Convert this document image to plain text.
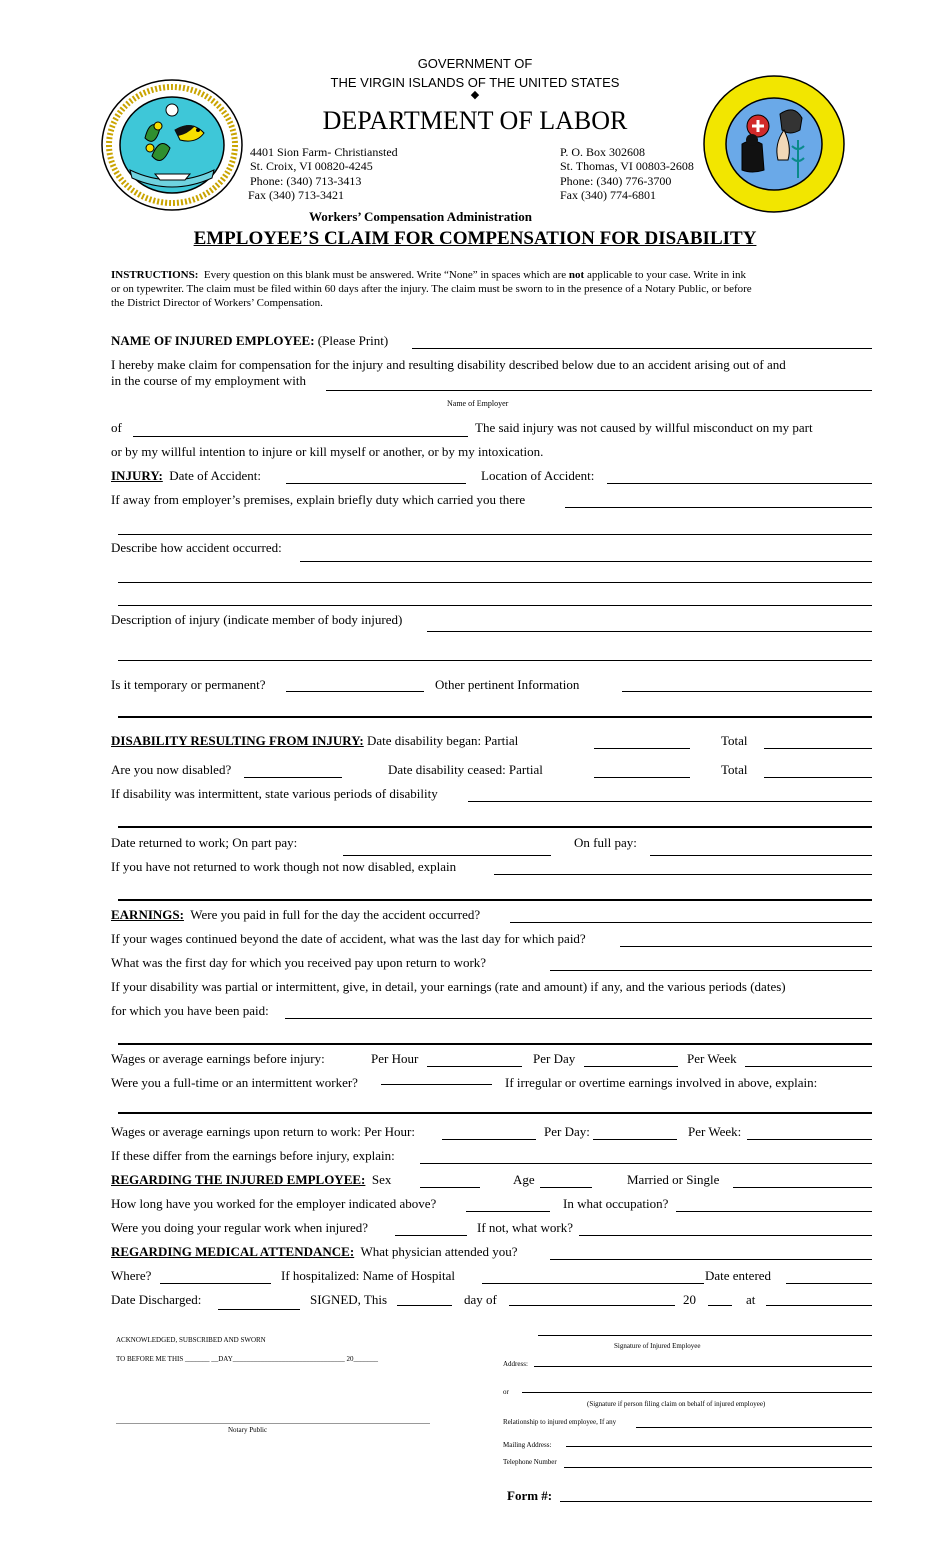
GOVERNMENT OF
THE VIRGIN ISLANDS OF THE UNITED STATES
◆
DEPARTMENT OF LABOR
4401 Sion Farm- Christiansted
St. Croix, VI 00820-4245
Phone: (340) 713-3413
Fax (340) 713-3421
P. O. Box 302608
St. Thomas, VI 00803-2608
Phone: (340) 776-3700
Fax (340) 774-6801
Workers’ Compensation Administration
EMPLOYEE’S CLAIM FOR COMPENSATION FOR DISABILITY
INSTRUCTIONS: Every question on this blank must be answered. Write “None” in spaces which are not applicable to your case. Write in ink
or on typewriter. The claim must be filed within 60 days after the injury. The claim must be sworn to in the presence of a Notary Public, or before
the District Director of Workers’ Compensation.
NAME OF INJURED EMPLOYEE: (Please Print)
I hereby make claim for compensation for the injury and resulting disability described below due to an accident arising out of and
in the course of my employment with
Name of Employer
of	The said injury was not caused by willful misconduct on my part
or by my willful intention to injure or kill myself or another, or by my intoxication.
INJURY: Date of Accident:	Location of Accident:
If away from employer’s premises, explain briefly duty which carried you there
Describe how accident occurred:
Description of injury (indicate member of body injured)
Is it temporary or permanent?	Other pertinent Information
DISABILITY RESULTING FROM INJURY: Date disability began: Partial	Total
Are you now disabled?	Date disability ceased: Partial	Total
If disability was intermittent, state various periods of disability
Date returned to work; On part pay:	On full pay:
If you have not returned to work though not now disabled, explain
EARNINGS: Were you paid in full for the day the accident occurred?
If your wages continued beyond the date of accident, what was the last day for which paid?
What was the first day for which you received pay upon return to work?
If your disability was partial or intermittent, give, in detail, your earnings (rate and amount) if any, and the various periods (dates)
for which you have been paid:
Wages or average earnings before injury:	Per Hour	Per Day	Per Week
Were you a full-time or an intermittent worker?	If irregular or overtime earnings involved in above, explain:
Wages or average earnings upon return to work: Per Hour:	Per Day:	Per Week:
If these differ from the earnings before injury, explain:
REGARDING THE INJURED EMPLOYEE: Sex	Age	Married or Single
How long have you worked for the employer indicated above?	In what occupation?
Were you doing your regular work when injured?	If not, what work?
REGARDING MEDICAL ATTENDANCE: What physician attended you?
Where?	If hospitalized: Name of Hospital	Date entered
Date Discharged:	SIGNED, This	day of	20	at
ACKNOWLEDGED, SUBSCRIBED AND SWORN
TO BEFORE ME THIS _______ __DAY________________________________ 20_______
Notary Public
Signature of Injured Employee
Address:
or
(Signature if person filing claim on behalf of injured employee)
Relationship to injured employee, If any
Mailing Address:
Telephone Number
Form #:
